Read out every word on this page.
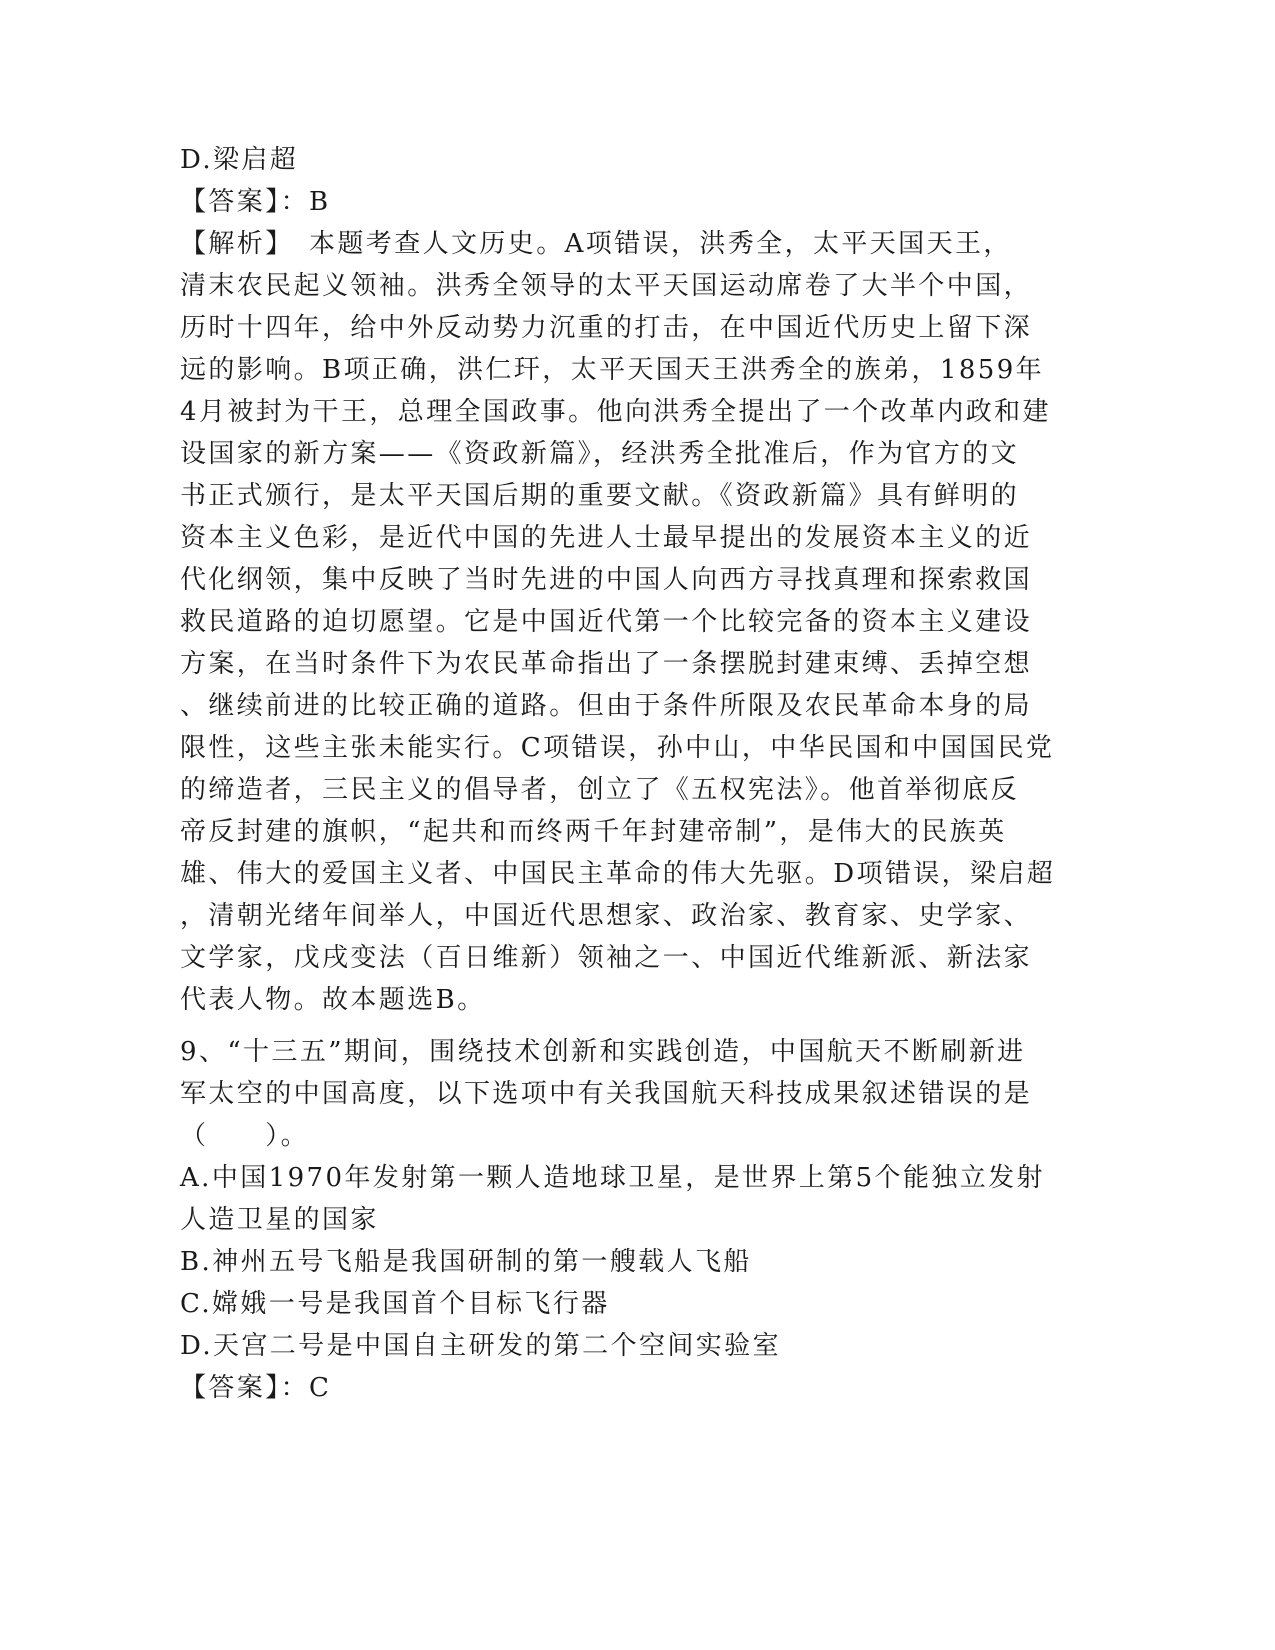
D.梁启超
【答案】：B
【解析】　本题考查人文历史。A项错误，洪秀全，太平天国天王，
清末农民起义领袖。洪秀全领导的太平天国运动席卷了大半个中国，
历时十四年，给中外反动势力沉重的打击，在中国近代历史上留下深
远的影响。B项正确，洪仁玕，太平天国天王洪秀全的族弟，1859年
4月被封为干王，总理全国政事。他向洪秀全提出了一个改革内政和建
设国家的新方案——《资政新篇》，经洪秀全批准后，作为官方的文
书正式颁行，是太平天国后期的重要文献。《资政新篇》具有鲜明的
资本主义色彩，是近代中国的先进人士最早提出的发展资本主义的近
代化纲领，集中反映了当时先进的中国人向西方寻找真理和探索救国
救民道路的迫切愿望。它是中国近代第一个比较完备的资本主义建设
方案，在当时条件下为农民革命指出了一条摆脱封建束缚、丢掉空想
、继续前进的比较正确的道路。但由于条件所限及农民革命本身的局
限性，这些主张未能实行。C项错误，孙中山，中华民国和中国国民党
的缔造者，三民主义的倡导者，创立了《五权宪法》。他首举彻底反
帝反封建的旗帜，“起共和而终两千年封建帝制”，是伟大的民族英
雄、伟大的爱国主义者、中国民主革命的伟大先驱。D项错误，梁启超
，清朝光绪年间举人，中国近代思想家、政治家、教育家、史学家、
文学家，戊戌变法（百日维新）领袖之一、中国近代维新派、新法家
代表人物。故本题选B。
9、“十三五”期间，围绕技术创新和实践创造，中国航天不断刷新进
军太空的中国高度，以下选项中有关我国航天科技成果叙述错误的是
（　　）。
A.中国1970年发射第一颗人造地球卫星，是世界上第5个能独立发射
人造卫星的国家
B.神州五号飞船是我国研制的第一艘载人飞船
C.嫦娥一号是我国首个目标飞行器
D.天宫二号是中国自主研发的第二个空间实验室
【答案】：C
